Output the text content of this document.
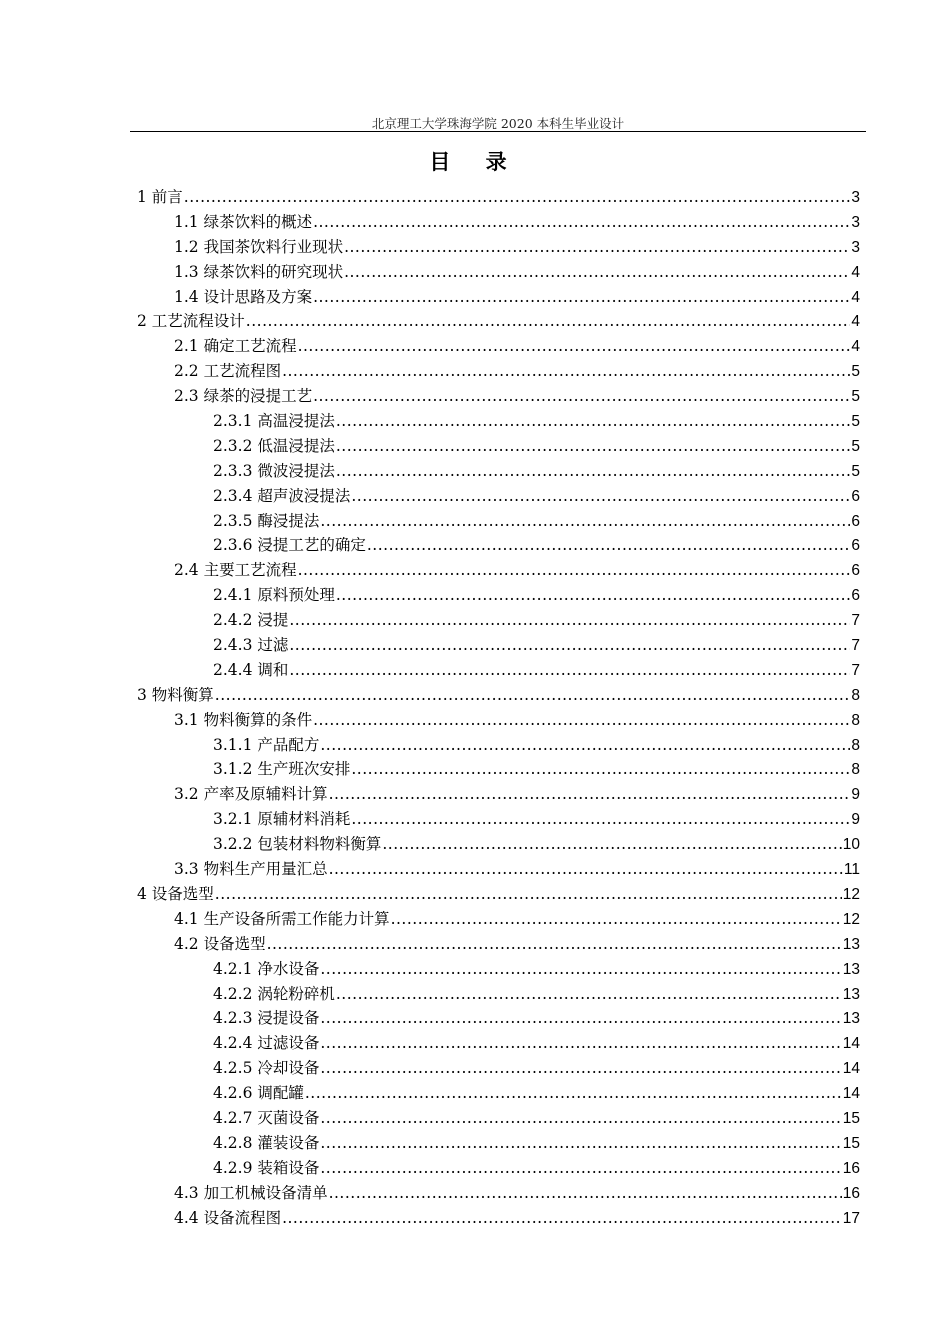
北京理工大学珠海学院 2020 本科生毕业设计
目 录
1 前言 .....	3
1.1 绿茶饮料的概述 .....	3
1.2 我国茶饮料行业现状 .....	3
1.3 绿茶饮料的研究现状 .....	4
1.4 设计思路及方案 .....	4
2 工艺流程设计 .....	4
2.1 确定工艺流程 .....	4
2.2 工艺流程图 .....	5
2.3 绿茶的浸提工艺 .....	5
2.3.1 高温浸提法 .....	5
2.3.2 低温浸提法 .....	5
2.3.3 微波浸提法 .....	5
2.3.4 超声波浸提法 .....	6
2.3.5 酶浸提法 .....	6
2.3.6 浸提工艺的确定 .....	6
2.4 主要工艺流程 .....	6
2.4.1 原料预处理 .....	6
2.4.2 浸提 .....	7
2.4.3 过滤 .....	7
2.4.4 调和 .....	7
3 物料衡算 .....	8
3.1 物料衡算的条件 .....	8
3.1.1 产品配方 .....	8
3.1.2 生产班次安排 .....	8
3.2 产率及原辅料计算 .....	9
3.2.1 原辅材料消耗 .....	9
3.2.2 包装材料物料衡算 .....	10
3.3 物料生产用量汇总 .....	11
4 设备选型 .....	12
4.1 生产设备所需工作能力计算 .....	12
4.2 设备选型 .....	13
4.2.1 净水设备 .....	13
4.2.2 涡轮粉碎机 .....	13
4.2.3 浸提设备 .....	13
4.2.4 过滤设备 .....	14
4.2.5 冷却设备 .....	14
4.2.6 调配罐 .....	14
4.2.7 灭菌设备 .....	15
4.2.8 灌装设备 .....	15
4.2.9 装箱设备 .....	16
4.3 加工机械设备清单 .....	16
4.4 设备流程图 .....	17
